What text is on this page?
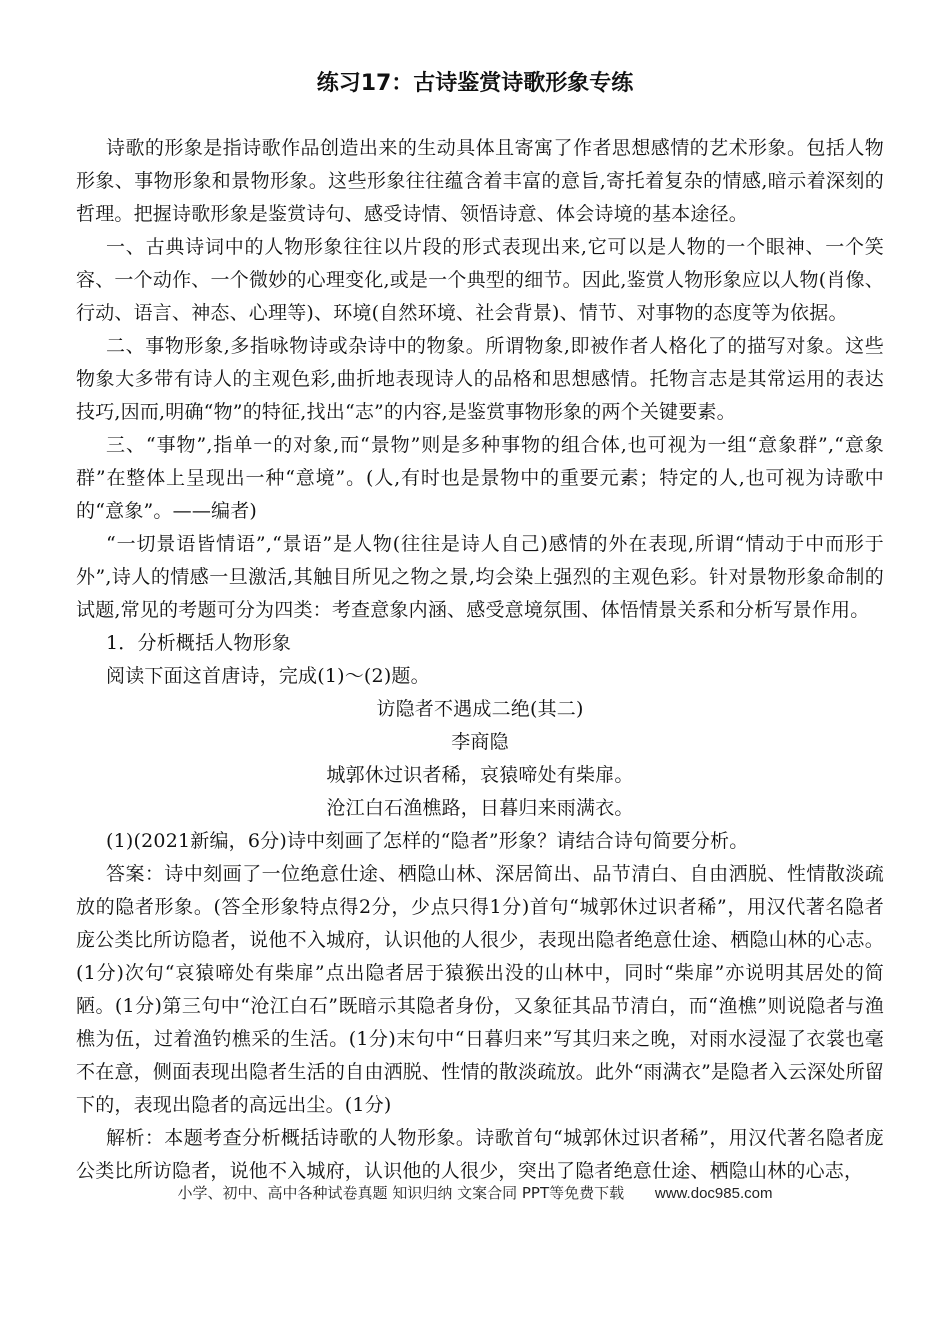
练习17：古诗鉴赏诗歌形象专练

诗歌的形象是指诗歌作品创造出来的生动具体且寄寓了作者思想感情的艺术形象。包括人物形象、事物形象和景物形象。这些形象往往蕴含着丰富的意旨,寄托着复杂的情感,暗示着深刻的哲理。把握诗歌形象是鉴赏诗句、感受诗情、领悟诗意、体会诗境的基本途径。

一、古典诗词中的人物形象往往以片段的形式表现出来,它可以是人物的一个眼神、一个笑容、一个动作、一个微妙的心理变化,或是一个典型的细节。因此,鉴赏人物形象应以人物(肖像、行动、语言、神态、心理等)、环境(自然环境、社会背景)、情节、对事物的态度等为依据。

二、事物形象,多指咏物诗或杂诗中的物象。所谓物象,即被作者人格化了的描写对象。这些物象大多带有诗人的主观色彩,曲折地表现诗人的品格和思想感情。托物言志是其常运用的表达技巧,因而,明确“物”的特征,找出“志”的内容,是鉴赏事物形象的两个关键要素。

三、“事物”,指单一的对象,而“景物”则是多种事物的组合体,也可视为一组“意象群”,“意象群”在整体上呈现出一种“意境”。(人,有时也是景物中的重要元素；特定的人,也可视为诗歌中的“意象”。——编者)

“一切景语皆情语”,“景语”是人物(往往是诗人自己)感情的外在表现,所谓“情动于中而形于外”,诗人的情感一旦激活,其触目所见之物之景,均会染上强烈的主观色彩。针对景物形象命制的试题,常见的考题可分为四类：考查意象内涵、感受意境氛围、体悟情景关系和分析写景作用。

1．分析概括人物形象

阅读下面这首唐诗，完成(1)～(2)题。

访隐者不遇成二绝(其二)

李商隐

城郭休过识者稀，哀猿啼处有柴扉。

沧江白石渔樵路，日暮归来雨满衣。

(1)(2021新编，6分)诗中刻画了怎样的“隐者”形象？请结合诗句简要分析。

答案：诗中刻画了一位绝意仕途、栖隐山林、深居简出、品节清白、自由洒脱、性情散淡疏放的隐者形象。(答全形象特点得2分，少点只得1分)首句“城郭休过识者稀”，用汉代著名隐者庞公类比所访隐者，说他不入城府，认识他的人很少，表现出隐者绝意仕途、栖隐山林的心志。(1分)次句“哀猿啼处有柴扉”点出隐者居于猿猴出没的山林中，同时“柴扉”亦说明其居处的简陋。(1分)第三句中“沧江白石”既暗示其隐者身份，又象征其品节清白，而“渔樵”则说隐者与渔樵为伍，过着渔钓樵采的生活。(1分)末句中“日暮归来”写其归来之晚，对雨水浸湿了衣裳也毫不在意，侧面表现出隐者生活的自由洒脱、性情的散淡疏放。此外“雨满衣”是隐者入云深处所留下的，表现出隐者的高远出尘。(1分)

解析：本题考查分析概括诗歌的人物形象。诗歌首句“城郭休过识者稀”，用汉代著名隐者庞公类比所访隐者，说他不入城府，认识他的人很少，突出了隐者绝意仕途、栖隐山林的心志，

小学、初中、高中各种试卷真题 知识归纳 文案合同 PPT等免费下载 www.doc985.com
